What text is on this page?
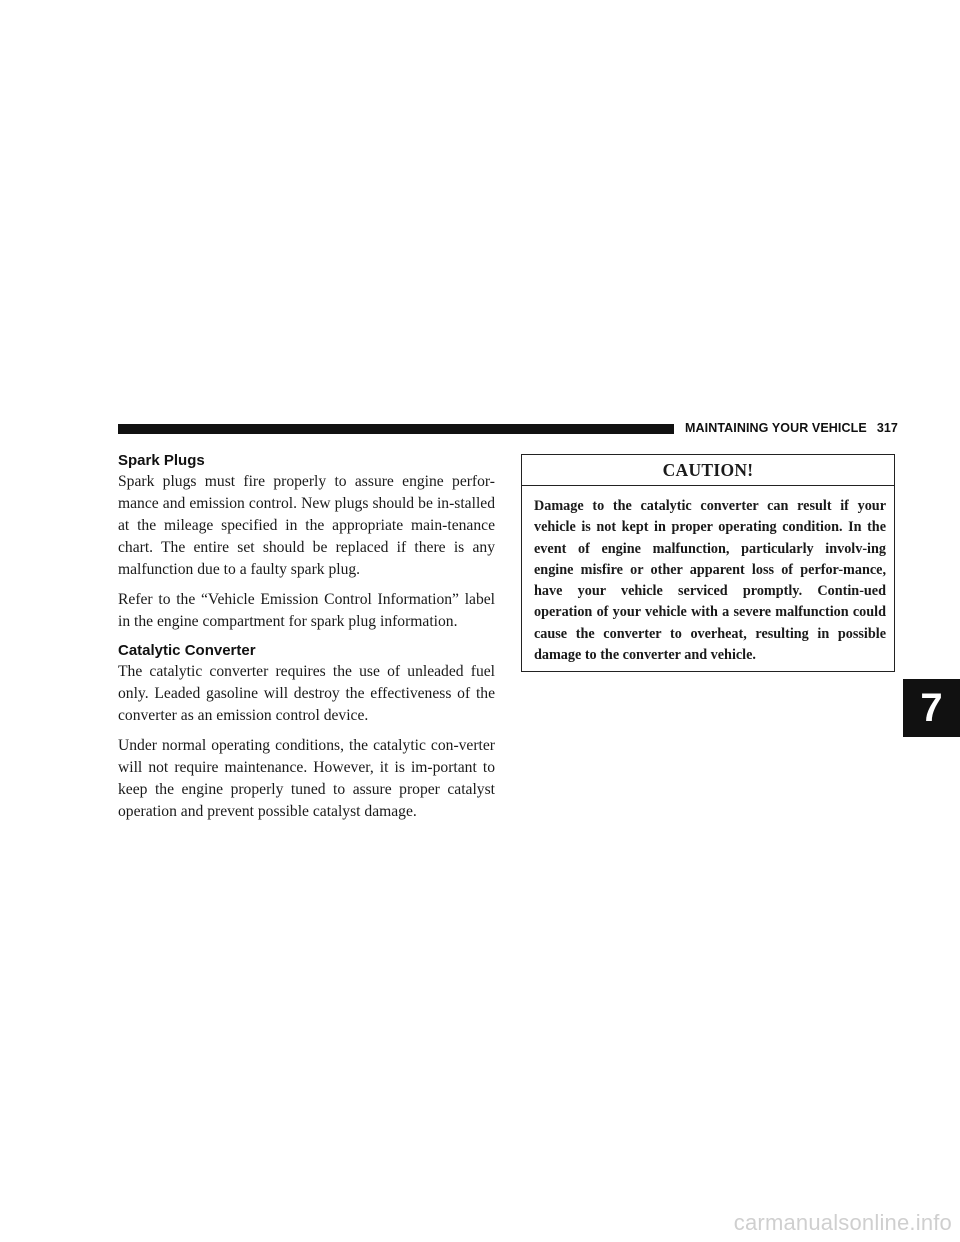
MAINTAINING YOUR VEHICLE 317
Spark Plugs

Spark plugs must fire properly to assure engine perfor-mance and emission control. New plugs should be in-stalled at the mileage specified in the appropriate main-tenance chart. The entire set should be replaced if there is any malfunction due to a faulty spark plug.

Refer to the “Vehicle Emission Control Information” label in the engine compartment for spark plug information.

Catalytic Converter

The catalytic converter requires the use of unleaded fuel only. Leaded gasoline will destroy the effectiveness of the converter as an emission control device.

Under normal operating conditions, the catalytic con-verter will not require maintenance. However, it is im-portant to keep the engine properly tuned to assure proper catalyst operation and prevent possible catalyst damage.

CAUTION!

Damage to the catalytic converter can result if your vehicle is not kept in proper operating condition. In the event of engine malfunction, particularly involv-ing engine misfire or other apparent loss of perfor-mance, have your vehicle serviced promptly. Contin-ued operation of your vehicle with a severe malfunction could cause the converter to overheat, resulting in possible damage to the converter and vehicle.

7
carmanualsonline.info
